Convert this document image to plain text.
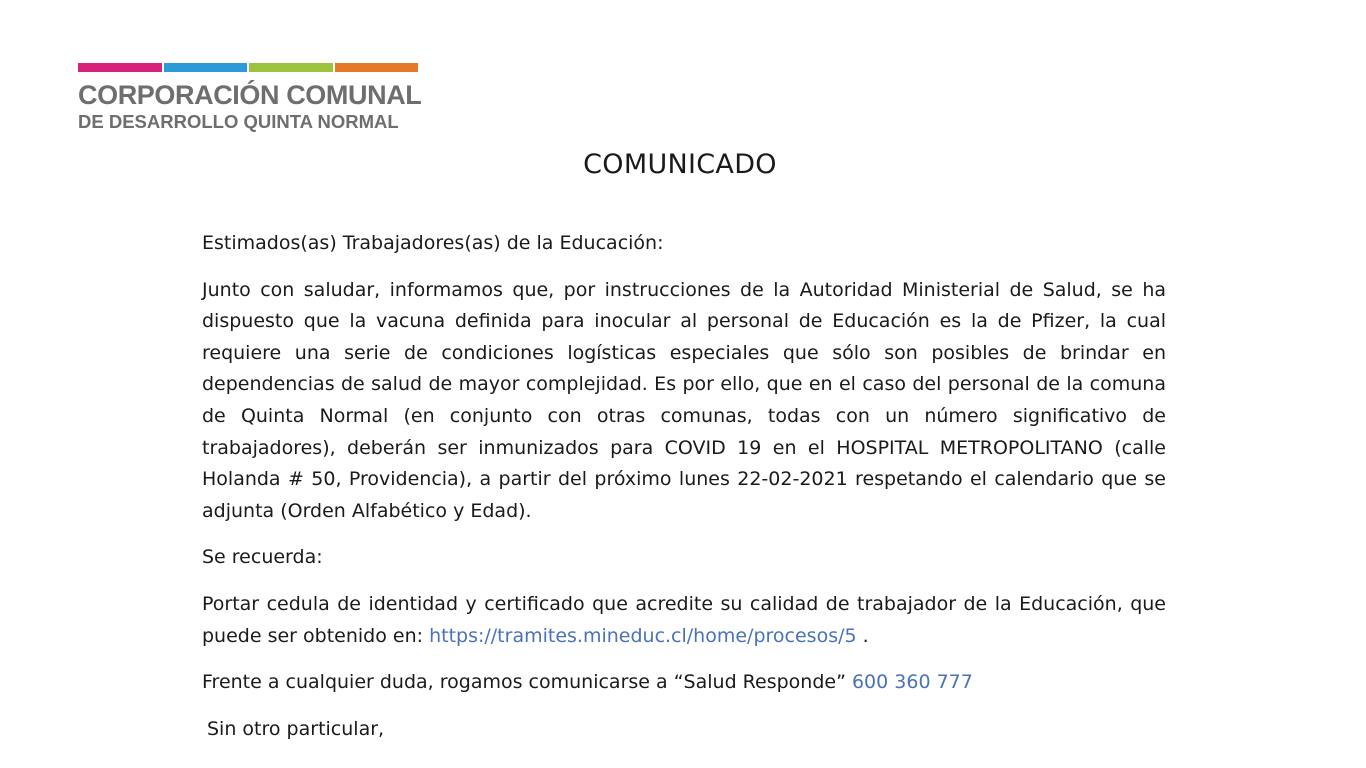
CORPORACIÓN COMUNAL
DE DESARROLLO QUINTA NORMAL
COMUNICADO

Estimados(as) Trabajadores(as) de la Educación:

Junto con saludar, informamos que, por instrucciones de la Autoridad Ministerial de Salud, se ha dispuesto que la vacuna definida para inocular al personal de Educación es la de Pfizer, la cual requiere una serie de condiciones logísticas especiales que sólo son posibles de brindar en dependencias de salud de mayor complejidad. Es por ello, que en el caso del personal de la comuna de Quinta Normal (en conjunto con otras comunas, todas con un número significativo de trabajadores), deberán ser inmunizados para COVID 19 en el HOSPITAL METROPOLITANO (calle Holanda # 50, Providencia), a partir del próximo lunes 22-02-2021 respetando el calendario que se adjunta (Orden Alfabético y Edad).

Se recuerda:

Portar cedula de identidad y certificado que acredite su calidad de trabajador de la Educación, que puede ser obtenido en: https://tramites.mineduc.cl/home/procesos/5 .

Frente a cualquier duda, rogamos comunicarse a “Salud Responde” 600 360 777

Sin otro particular,
